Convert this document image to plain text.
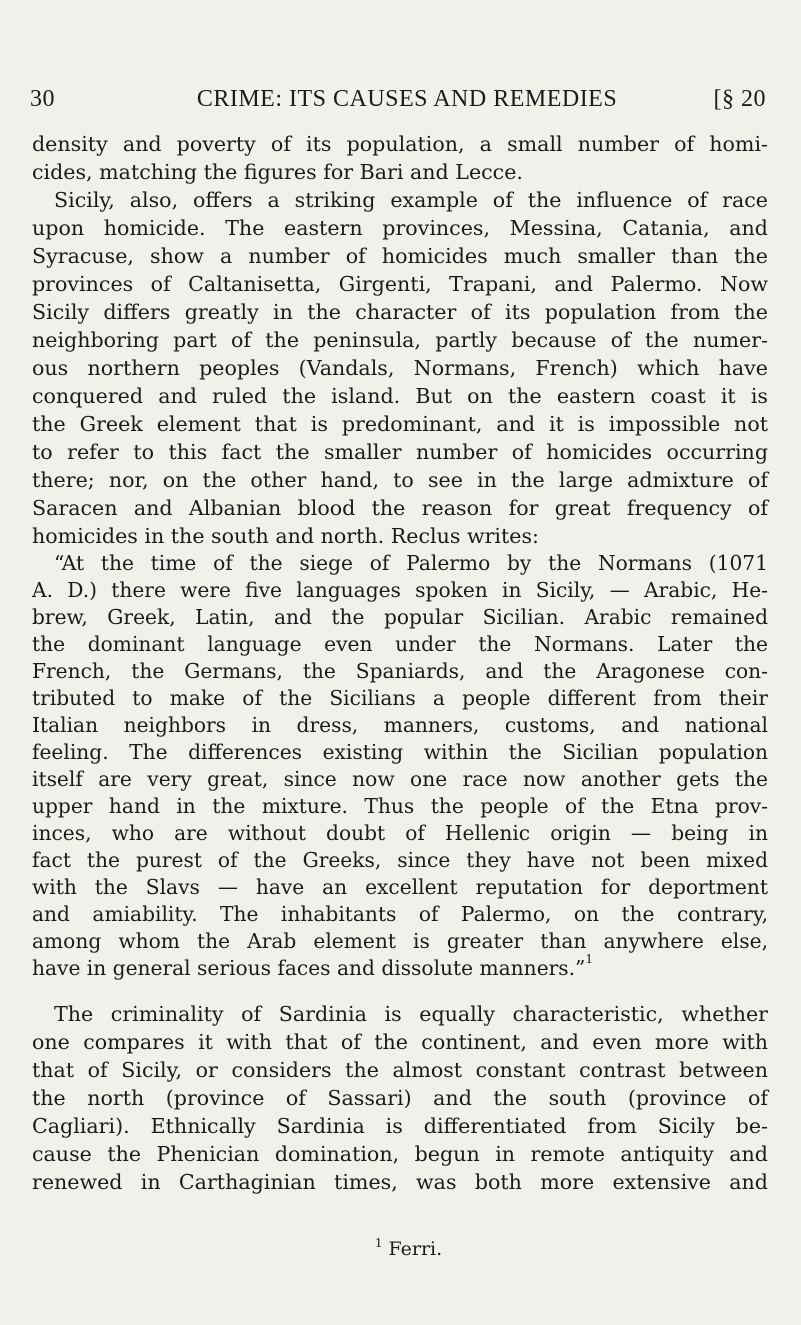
30	CRIME: ITS CAUSES AND REMEDIES	[§ 20
density and poverty of its population, a small number of homi-
cides, matching the figures for Bari and Lecce.
Sicily, also, offers a striking example of the influence of race
upon homicide. The eastern provinces, Messina, Catania, and
Syracuse, show a number of homicides much smaller than the
provinces of Caltanisetta, Girgenti, Trapani, and Palermo. Now
Sicily differs greatly in the character of its population from the
neighboring part of the peninsula, partly because of the numer-
ous northern peoples (Vandals, Normans, French) which have
conquered and ruled the island. But on the eastern coast it is
the Greek element that is predominant, and it is impossible not
to refer to this fact the smaller number of homicides occurring
there; nor, on the other hand, to see in the large admixture of
Saracen and Albanian blood the reason for great frequency of
homicides in the south and north. Reclus writes:
“At the time of the siege of Palermo by the Normans (1071
A. D.) there were five languages spoken in Sicily, — Arabic, He-
brew, Greek, Latin, and the popular Sicilian. Arabic remained
the dominant language even under the Normans. Later the
French, the Germans, the Spaniards, and the Aragonese con-
tributed to make of the Sicilians a people different from their
Italian neighbors in dress, manners, customs, and national
feeling. The differences existing within the Sicilian population
itself are very great, since now one race now another gets the
upper hand in the mixture. Thus the people of the Etna prov-
inces, who are without doubt of Hellenic origin — being in
fact the purest of the Greeks, since they have not been mixed
with the Slavs — have an excellent reputation for deportment
and amiability. The inhabitants of Palermo, on the contrary,
among whom the Arab element is greater than anywhere else,
have in general serious faces and dissolute manners.”$^1$
The criminality of Sardinia is equally characteristic, whether
one compares it with that of the continent, and even more with
that of Sicily, or considers the almost constant contrast between
the north (province of Sassari) and the south (province of
Cagliari). Ethnically Sardinia is differentiated from Sicily be-
cause the Phenician domination, begun in remote antiquity and
renewed in Carthaginian times, was both more extensive and
$^1$ Ferri.
